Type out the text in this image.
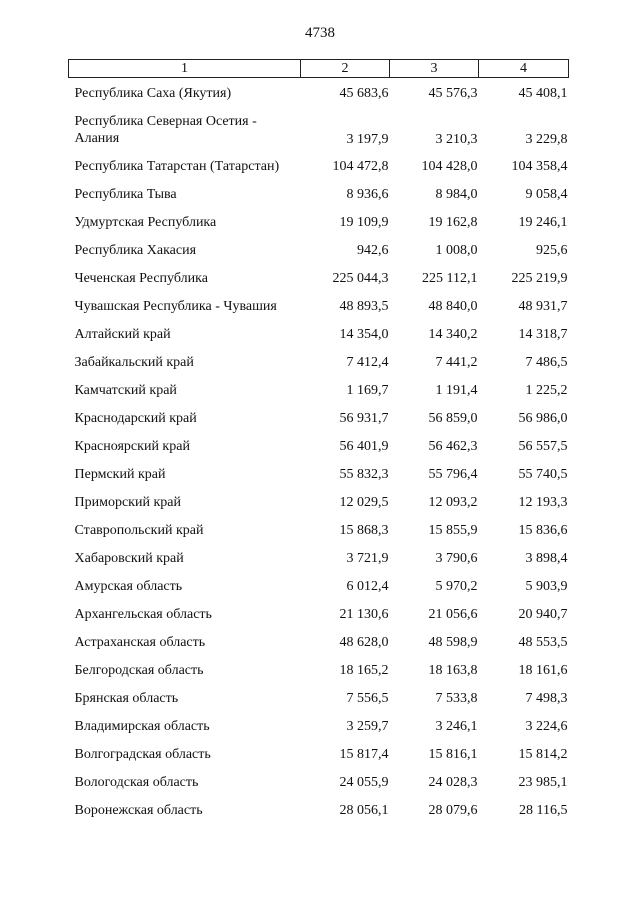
4738
1	2	3	4
Республика Саха (Якутия)	45 683,6	45 576,3	45 408,1
Республика Северная Осетия - Алания	3 197,9	3 210,3	3 229,8
Республика Татарстан (Татарстан)	104 472,8	104 428,0	104 358,4
Республика Тыва	8 936,6	8 984,0	9 058,4
Удмуртская Республика	19 109,9	19 162,8	19 246,1
Республика Хакасия	942,6	1 008,0	925,6
Чеченская Республика	225 044,3	225 112,1	225 219,9
Чувашская Республика - Чувашия	48 893,5	48 840,0	48 931,7
Алтайский край	14 354,0	14 340,2	14 318,7
Забайкальский край	7 412,4	7 441,2	7 486,5
Камчатский край	1 169,7	1 191,4	1 225,2
Краснодарский край	56 931,7	56 859,0	56 986,0
Красноярский край	56 401,9	56 462,3	56 557,5
Пермский край	55 832,3	55 796,4	55 740,5
Приморский край	12 029,5	12 093,2	12 193,3
Ставропольский край	15 868,3	15 855,9	15 836,6
Хабаровский край	3 721,9	3 790,6	3 898,4
Амурская область	6 012,4	5 970,2	5 903,9
Архангельская область	21 130,6	21 056,6	20 940,7
Астраханская область	48 628,0	48 598,9	48 553,5
Белгородская область	18 165,2	18 163,8	18 161,6
Брянская область	7 556,5	7 533,8	7 498,3
Владимирская область	3 259,7	3 246,1	3 224,6
Волгоградская область	15 817,4	15 816,1	15 814,2
Вологодская область	24 055,9	24 028,3	23 985,1
Воронежская область	28 056,1	28 079,6	28 116,5
